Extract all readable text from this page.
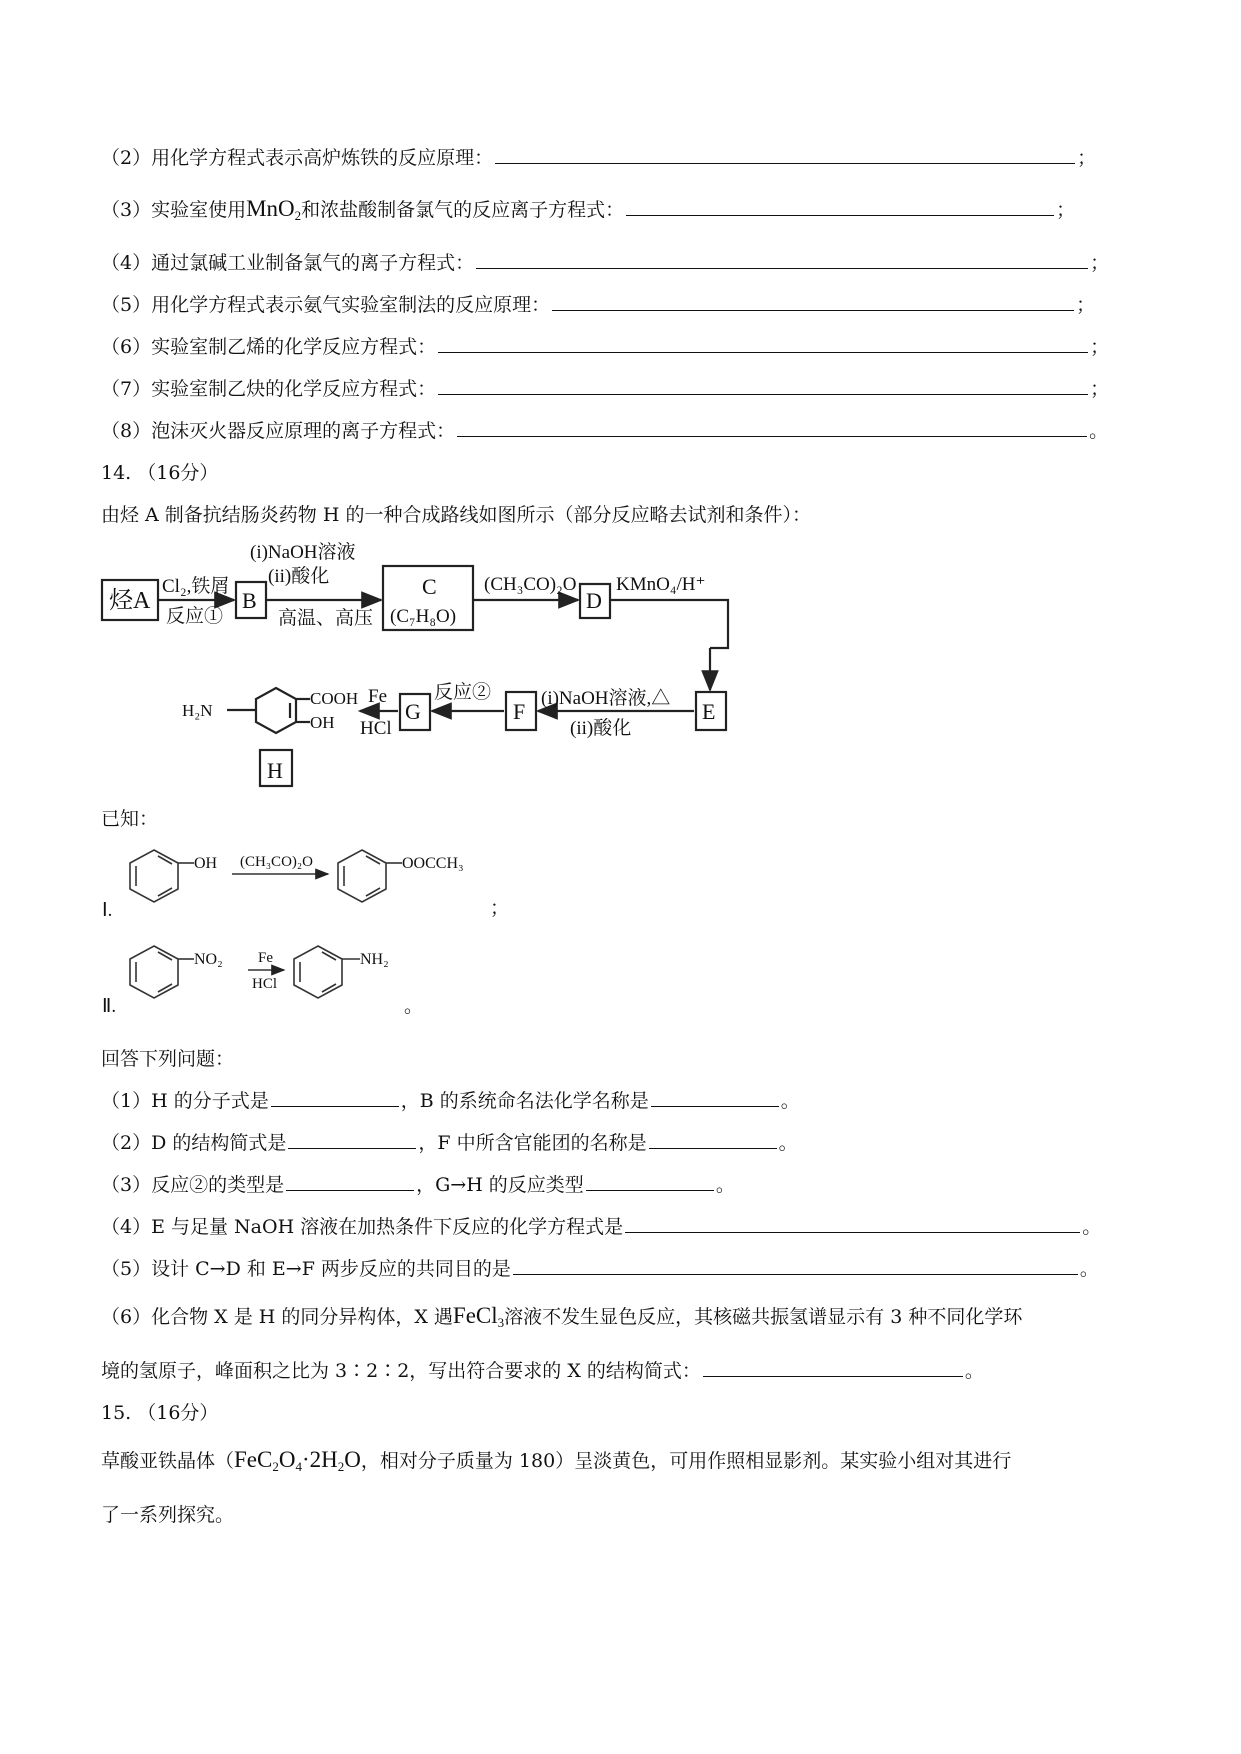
（2）用化学方程式表示高炉炼铁的反应原理：	；
（3）实验室使用MnO$_2$和浓盐酸制备氯气的反应离子方程式：	；
（4）通过氯碱工业制备氯气的离子方程式：	；
（5）用化学方程式表示氨气实验室制法的反应原理：	；
（6）实验室制乙烯的化学反应方程式：	；
（7）实验室制乙炔的化学反应方程式：	；
（8）泡沫灭火器反应原理的离子方程式：	。
14. （16分）
由烃 A 制备抗结肠炎药物 H 的一种合成路线如图所示（部分反应略去试剂和条件）：
烃A
Cl₂,铁屑
反应①
B
(i)NaOH溶液
(ii)酸化
高温、高压
C
(C₇H₈O)
(CH₃CO)₂O
D
KMnO₄/H⁺
E
(i)NaOH溶液,△
(ii)酸化
F
反应②
G
Fe
HCl
H₂N
COOH
OH
H
已知：
Ⅰ.
OH (CH₃CO)₂O	OOCCH₃
；
Ⅱ.
NO₂ Fe
HCl
NH₂
。
回答下列问题：
（1）H 的分子式是	，B 的系统命名法化学名称是	。
（2）D 的结构简式是	，F 中所含官能团的名称是	。
（3）反应②的类型是	，G→H 的反应类型	。
（4）E 与足量 NaOH 溶液在加热条件下反应的化学方程式是	。
（5）设计 C→D 和 E→F 两步反应的共同目的是	。
（6）化合物 X 是 H 的同分异构体，X 遇FeCl$_3$溶液不发生显色反应，其核磁共振氢谱显示有 3 种不同化学环
境的氢原子，峰面积之比为 3∶2∶2，写出符合要求的 X 的结构简式：	。
15. （16分）
草酸亚铁晶体（$FeC_2O_4\cdot 2H_2O$，相对分子质量为 180）呈淡黄色，可用作照相显影剂。某实验小组对其进行
了一系列探究。
